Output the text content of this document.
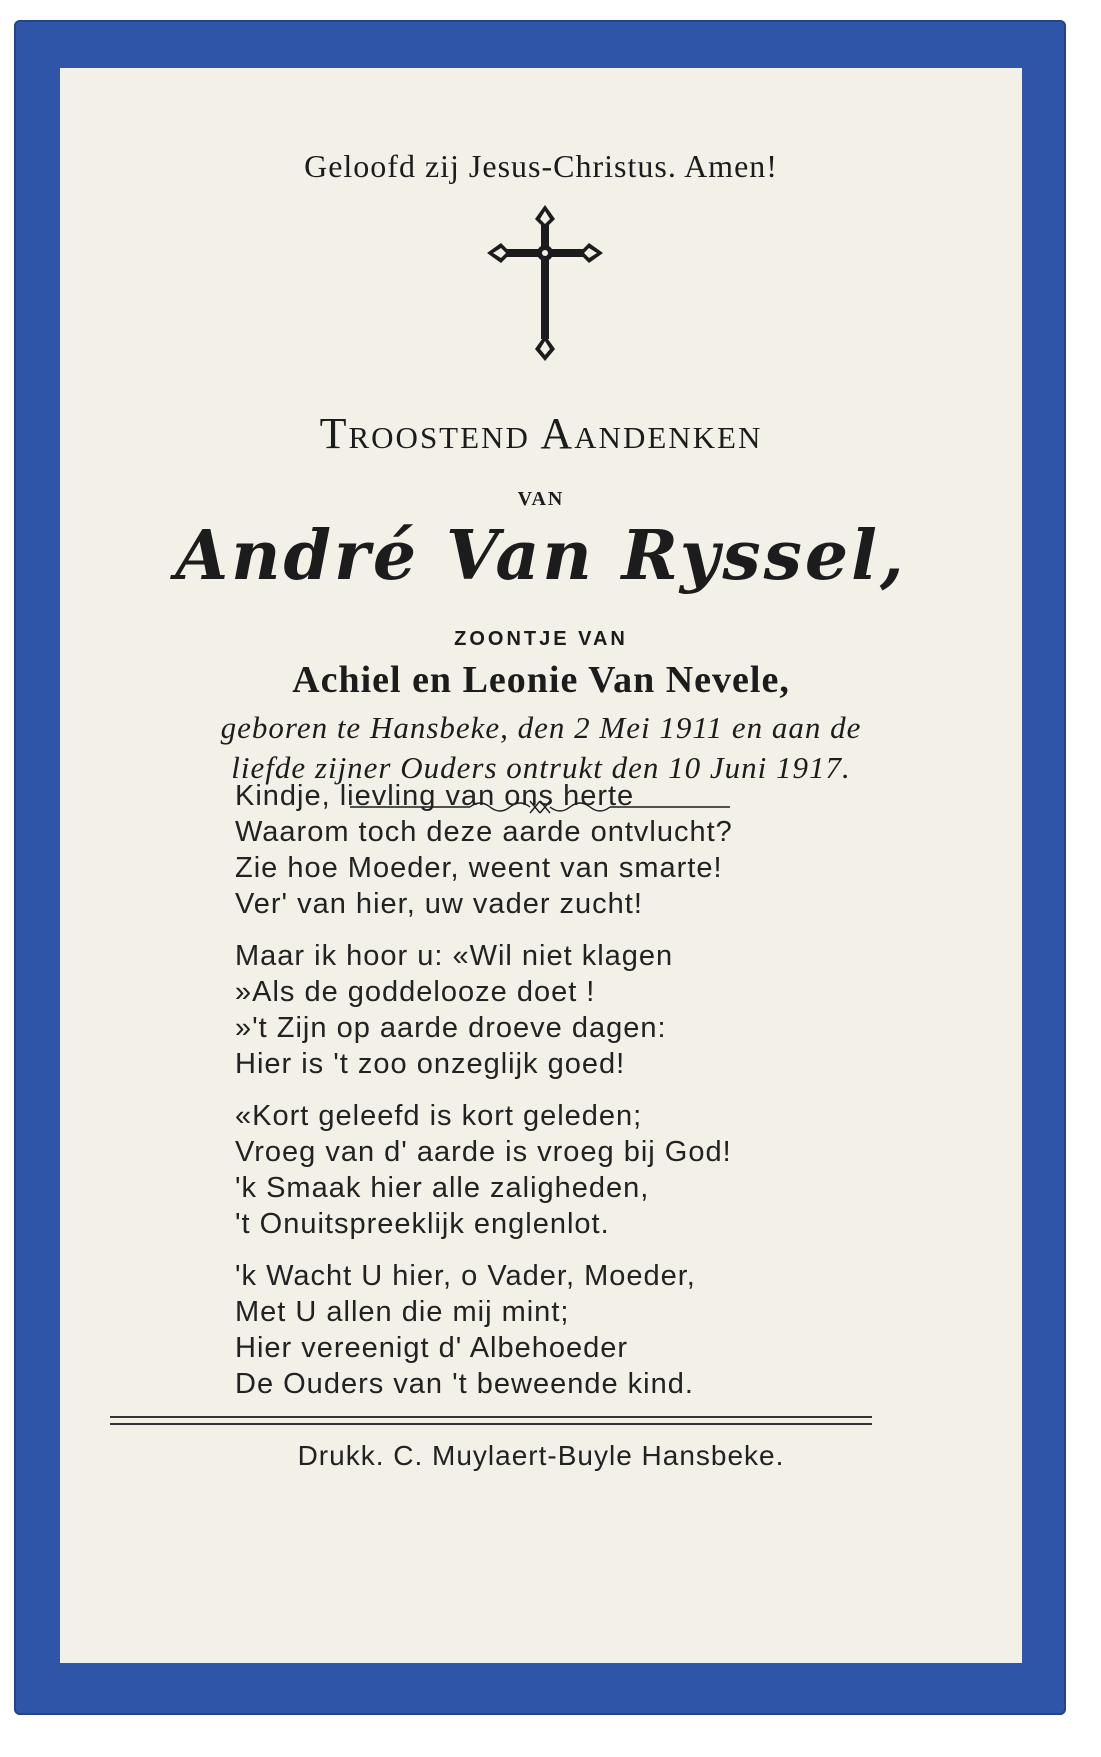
Geloofd zij Jesus-Christus. Amen!
Troostend Aandenken
VAN
André Van Ryssel,
ZOONTJE VAN
Achiel en Leonie Van Nevele,
geboren te Hansbeke, den 2 Mei 1911 en aan de
liefde zijner Ouders ontrukt den 10 Juni 1917.
Kindje, lievling van ons herte
Waarom toch deze aarde ontvlucht?
Zie hoe Moeder, weent van smarte!
Ver' van hier, uw vader zucht!
Maar ik hoor u: «Wil niet klagen
»Als de goddelooze doet !
»'t Zijn op aarde droeve dagen:
Hier is 't zoo onzeglijk goed!
«Kort geleefd is kort geleden;
Vroeg van d' aarde is vroeg bij God!
'k Smaak hier alle zaligheden,
't Onuitspreeklijk englenlot.
'k Wacht U hier, o Vader, Moeder,
Met U allen die mij mint;
Hier vereenigt d' Albehoeder
De Ouders van 't beweende kind.
Drukk. C. Muylaert-Buyle Hansbeke.
